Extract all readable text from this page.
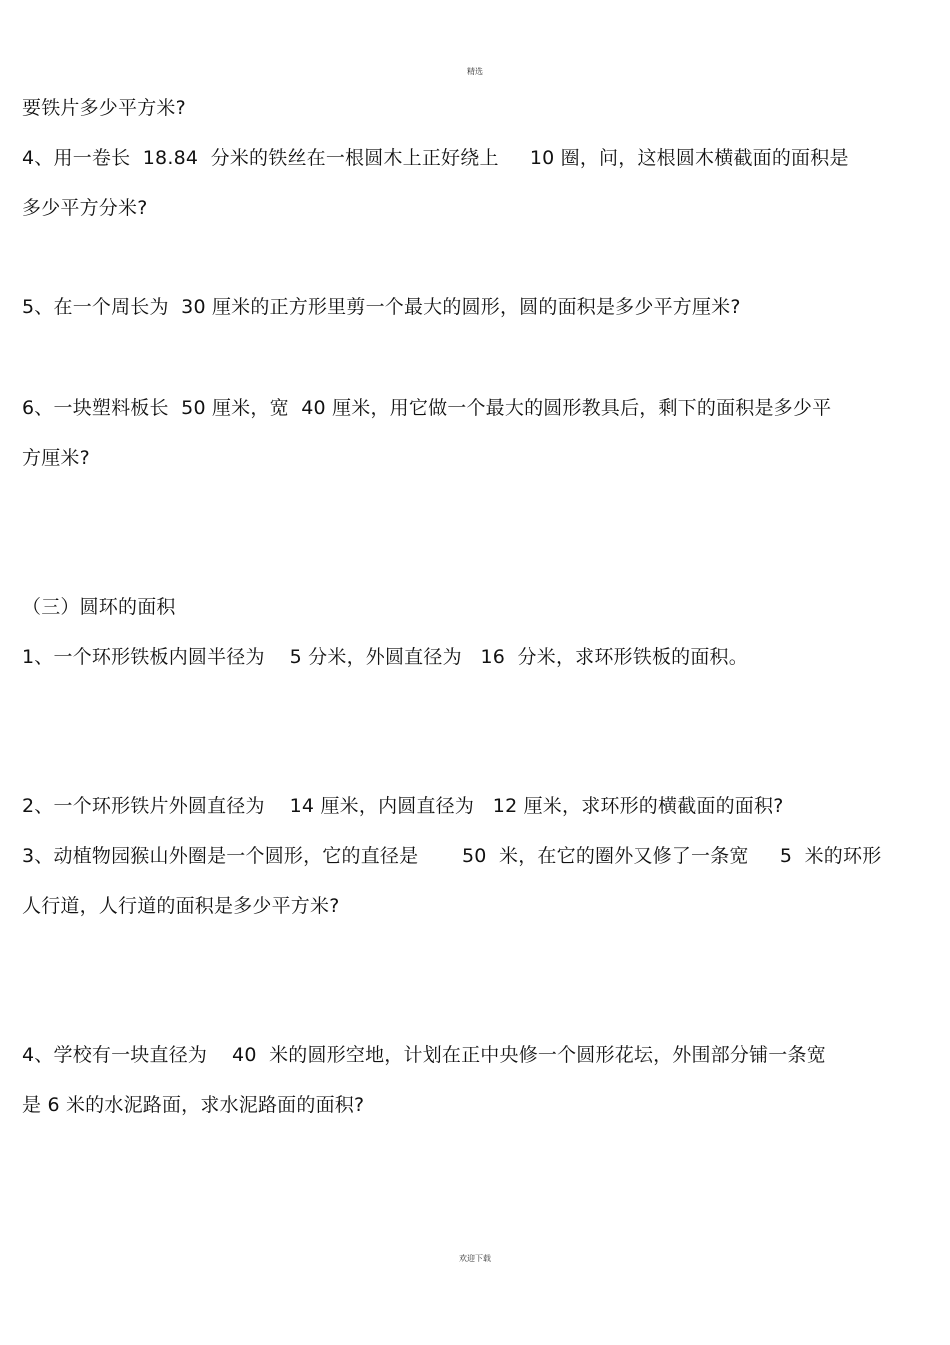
精选
要铁片多少平方米?
4、用一卷长  18.84  分米的铁丝在一根圆木上正好绕上     10 圈，问，这根圆木横截面的面积是
多少平方分米?
5、在一个周长为  30 厘米的正方形里剪一个最大的圆形，圆的面积是多少平方厘米?
6、一块塑料板长  50 厘米，宽  40 厘米，用它做一个最大的圆形教具后，剩下的面积是多少平
方厘米?
（三）圆环的面积
1、一个环形铁板内圆半径为    5 分米，外圆直径为   16  分米，求环形铁板的面积。
2、一个环形铁片外圆直径为    14 厘米，内圆直径为   12 厘米，求环形的横截面的面积?
3、动植物园猴山外圈是一个圆形，它的直径是       50  米，在它的圈外又修了一条宽     5  米的环形
人行道，人行道的面积是多少平方米?
4、学校有一块直径为    40  米的圆形空地，计划在正中央修一个圆形花坛，外围部分铺一条宽
是 6 米的水泥路面，求水泥路面的面积?
欢迎下载
